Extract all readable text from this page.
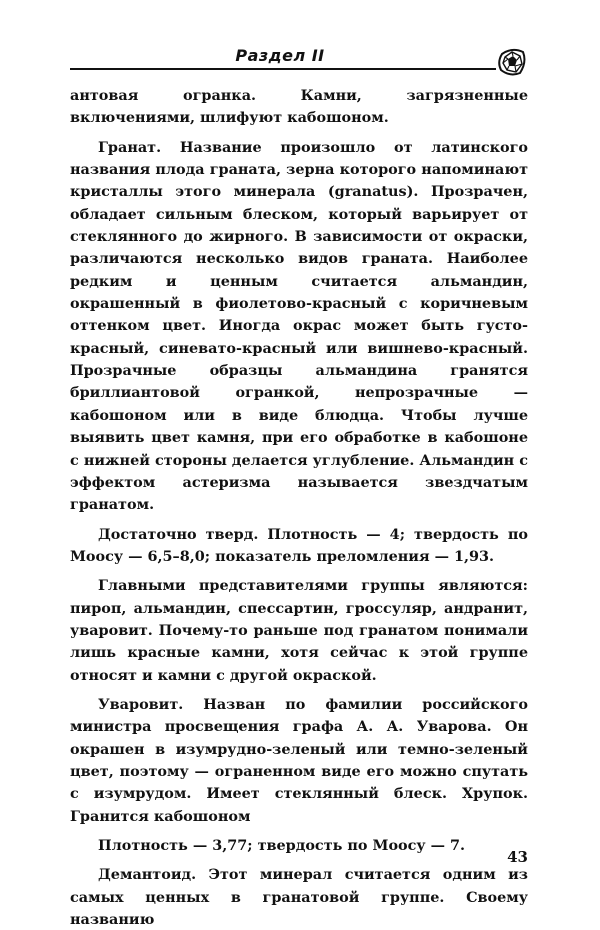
Раздел II

антовая огранка. Камни, загрязненные включениями, шлифуют кабошоном.

Гранат. Название произошло от латинского названия плода граната, зерна которого напоминают кристаллы этого минерала (granatus). Прозрачен, обладает сильным блеском, который варьирует от стеклянного до жирного. В зависимости от окраски, различаются несколько видов граната. Наиболее редким и ценным считается альмандин, окрашенный в фиолетово-красный с коричневым оттенком цвет. Иногда окрас может быть густо-красный, синевато-красный или вишнево-красный. Прозрачные образцы альмандина гранятся бриллиантовой огранкой, непрозрачные — кабошоном или в виде блюдца. Чтобы лучше выявить цвет камня, при его обработке в кабошоне с нижней стороны делается углубление. Альмандин с эффектом астеризма называется звездчатым гранатом.

Достаточно тверд. Плотность — 4; твердость по Моосу — 6,5–8,0; показатель преломления — 1,93.

Главными представителями группы являются: пироп, альмандин, спессартин, гроссуляр, андранит, уваровит. Почему-то раньше под гранатом понимали лишь красные камни, хотя сейчас к этой группе относят и камни с другой окраской.

Уваровит. Назван по фамилии российского министра просвещения графа А. А. Уварова. Он окрашен в изумрудно-зеленый или темно-зеленый цвет, поэтому — ограненном виде его можно спутать с изумрудом. Имеет стеклянный блеск. Хрупок. Гранится кабошоном

Плотность — 3,77; твердость по Моосу — 7.

Демантоид. Этот минерал считается одним из самых ценных в гранатовой группе. Своему названию

43
